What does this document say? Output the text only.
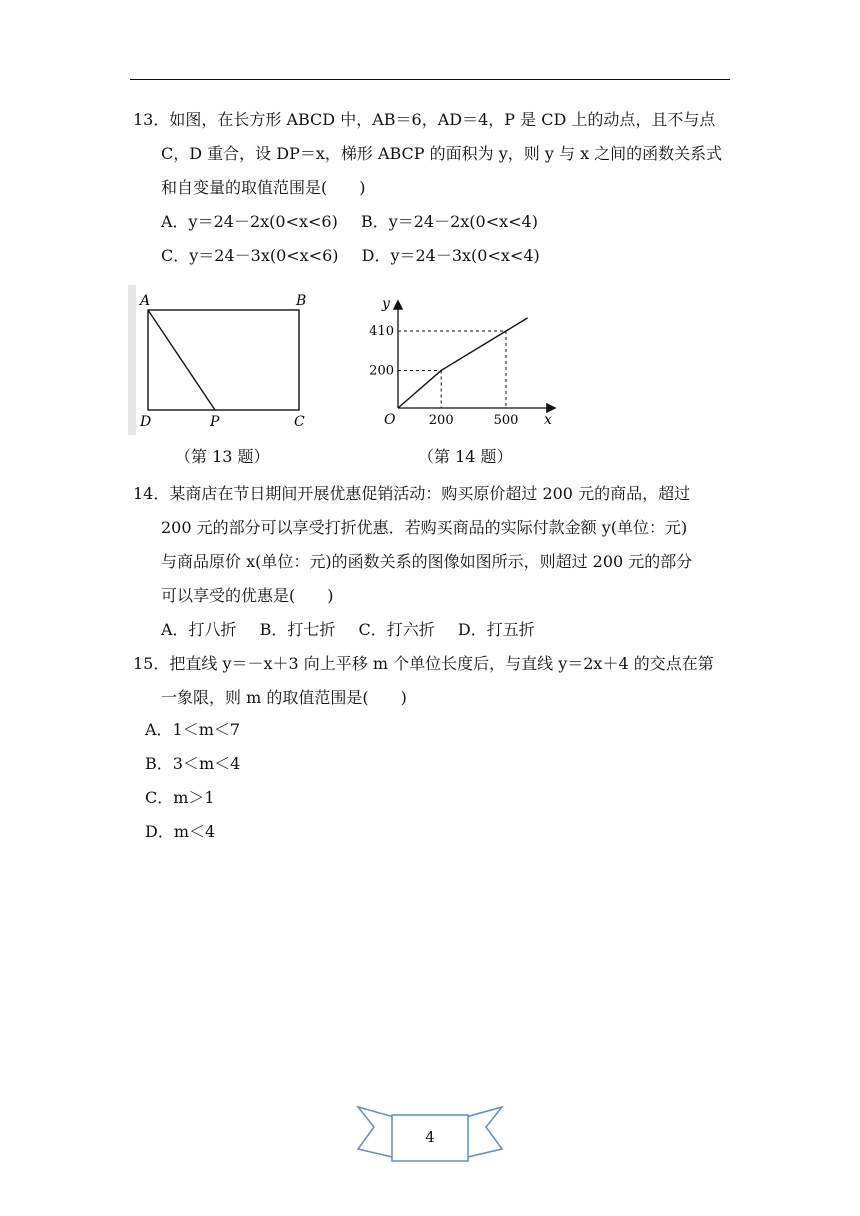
13．如图，在长方形 ABCD 中，AB＝6，AD＝4，P 是 CD 上的动点，且不与点
C，D 重合，设 DP＝x，梯形 ABCP 的面积为 y，则 y 与 x 之间的函数关系式
和自变量的取值范围是(　　)
A．y＝24－2x(0<x<6) B．y＝24－2x(0<x<4)
C．y＝24－3x(0<x<6) D．y＝24－3x(0<x<4)
A	B
C
D	P
（第 13 题）
y
x
O
410
200
200	500
（第 14 题）
14．某商店在节日期间开展优惠促销活动：购买原价超过 200 元的商品，超过
200 元的部分可以享受打折优惠．若购买商品的实际付款金额 y(单位：元)
与商品原价 x(单位：元)的函数关系的图像如图所示，则超过 200 元的部分
可以享受的优惠是(　　)
A．打八折 B．打七折 C．打六折 D．打五折
15．把直线 y＝－x＋3 向上平移 m 个单位长度后，与直线 y＝2x＋4 的交点在第
一象限，则 m 的取值范围是(　　)
A．1＜m＜7
B．3＜m＜4
C．m＞1
D．m＜4
4
